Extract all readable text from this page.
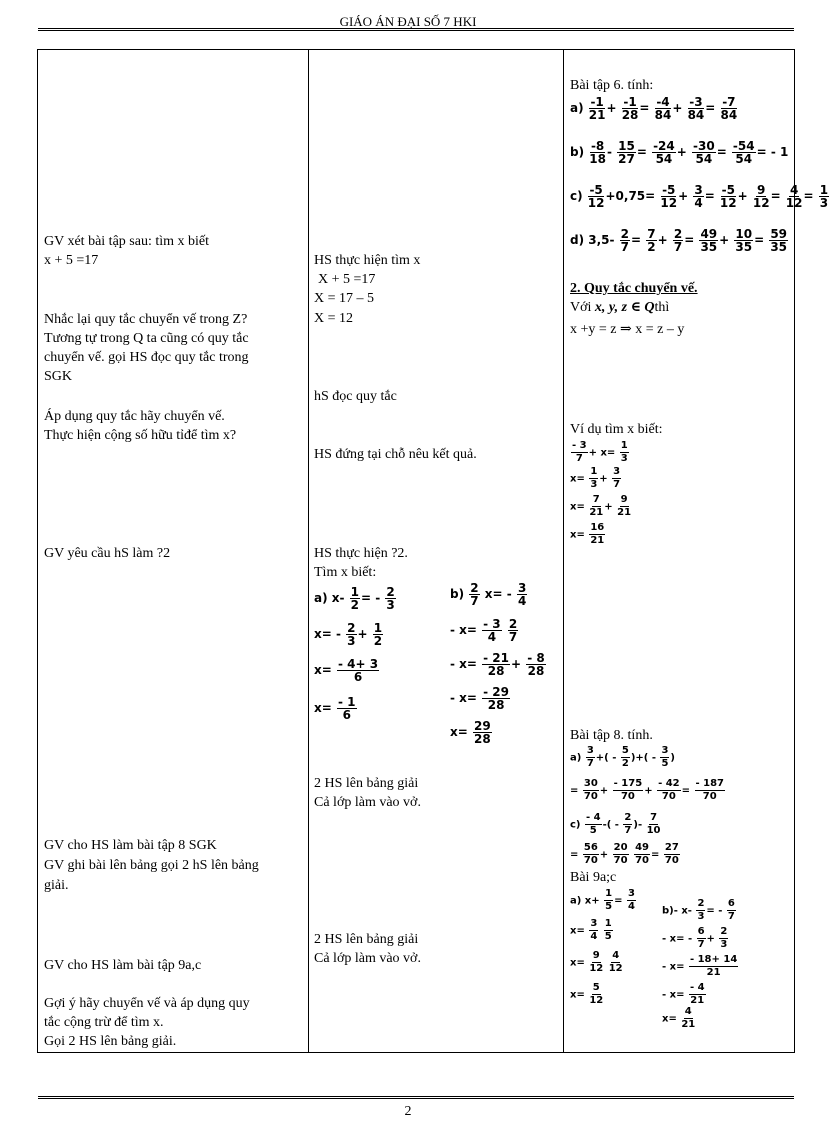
GIÁO ÁN ĐẠI SỐ 7 HKI
GV xét bài tập sau: tìm x biết
x + 5 =17
Nhắc lại quy tắc chuyển vế trong Z?
Tương tự trong Q ta cũng có quy tắc
chuyển vế. gọi HS đọc quy tắc trong
SGK
Áp dụng quy tắc hãy chuyển vế.
Thực hiện cộng số hữu tỉđể tìm x?
GV yêu cầu hS làm ?2
GV cho HS làm bài tập 8 SGK
GV ghi bài lên bảng gọi 2 hS lên bảng
giải.
GV cho HS làm bài tập 9a,c
Gợi ý hãy chuyển vế và áp dụng quy
tắc cộng trừ để tìm x.
Gọi 2 HS lên bảng giải.
HS thực hiện tìm x
X + 5 =17
X = 17 – 5
X = 12
hS đọc quy tắc
HS đứng tại chỗ nêu kết quả.
HS thực hiện ?2.
Tìm x biết:
a) $x- \frac{1}{2}$ = - $\frac{2}{3}$
$x= - \frac{2}{3} + \frac{1}{2}$
$x= \frac{- 4+ 3}{6}$
$x= \frac{- 1}{6}$
$b) \frac{2}{7} x= - \frac{3}{4}$
- $x= \frac{- 3}{4}$
$\frac{2}{7}$
- $x= \frac{- 21}{28} + \frac{- 8}{28}$
- $x= \frac{- 29}{28}$
$x= \frac{29}{28}$
2 HS lên bảng giải
Cả lớp làm vào vở.
2 HS lên bảng giải
Cả lớp làm vào vở.
Bài tập 6. tính:
$a) \frac{-1}{21} + \frac{-1}{28} = \frac{-4}{84} + \frac{-3}{84} = \frac{-7}{84}$
$b) \frac{-8}{18} - \frac{15}{27} = \frac{-24}{54} + \frac{-30}{54} = \frac{-54}{54}$ = - 1
$c) \frac{-5}{12} +0,75= \frac{-5}{12} + \frac{3}{4} = \frac{-5}{12} + \frac{9}{12} = \frac{4}{12} = \frac{1}{3}$
d) $3,5- \frac{2}{7} = \frac{7}{2} + \frac{2}{7} = \frac{49}{35} + \frac{10}{35} = \frac{59}{35}$
2. Quy tắc chuyển vế.
Với x, y, z ∈ Qthì
x +y = z ⇒ x = z – y
Ví dụ tìm x biết:
$\frac{- 3}{7} + x= \frac{1}{3}$
$x= \frac{1}{3} + \frac{3}{7}$
$x= \frac{7}{21} + \frac{9}{21}$
$x= \frac{16}{21}$
Bài tập 8. tính.
$a) \frac{3}{7}$ +( - $\frac{5}{2}$ )+( - $\frac{3}{5}$ )
= $\frac{30}{70} + \frac{- 175}{70} + \frac{- 42}{70} = \frac{- 187}{70}$
$c) \frac{- 4}{5}$ -( - $\frac{2}{7}$ )- $\frac{7}{10}$
= $\frac{56}{70} + \frac{20}{70}$
$\frac{49}{70} = \frac{27}{70}$
Bài 9a;c
a) $x+ \frac{1}{5} = \frac{3}{4}$
$x= \frac{3}{4}$
$\frac{1}{5}$
$x= \frac{9}{12}$
$\frac{4}{12}$
$x= \frac{5}{12}$
b)- $x- \frac{2}{3}$ = - $\frac{6}{7}$
- $x= - \frac{6}{7} + \frac{2}{3}$
- $x= \frac{- 18+ 14}{21}$
- $x= \frac{- 4}{21}$
$x= \frac{4}{21}$
2
